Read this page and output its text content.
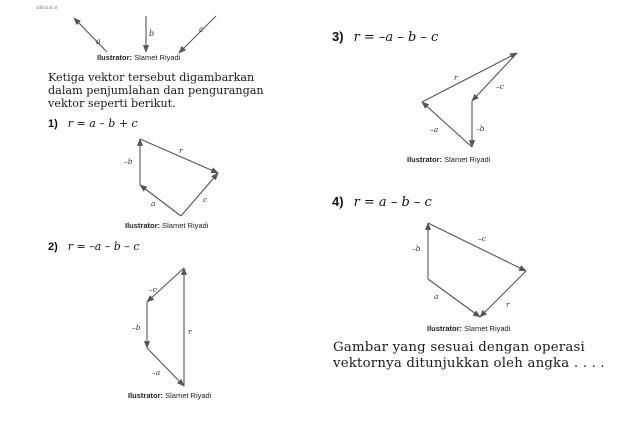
adbstud.id
a
b	c
Ilustrator: Slamet Riyadi
Ketiga vektor tersebut digambarkan dalam penjumlahan dan pengurangan vektor seperti berikut.
1) r = a – b + c
–b
r
a	c
Ilustrator: Slamet Riyadi
2) r = –a – b – c
–c
–b
–a
r
Ilustrator: Slamet Riyadi
3) r = –a – b – c
–c
–b
–a
r
Ilustrator: Slamet Riyadi
4) r = a – b – c
–b
–c
a
r
Ilustrator: Slamet Riyadi
Gambar yang sesuai dengan operasi vektornya ditunjukkan oleh angka . . . .
